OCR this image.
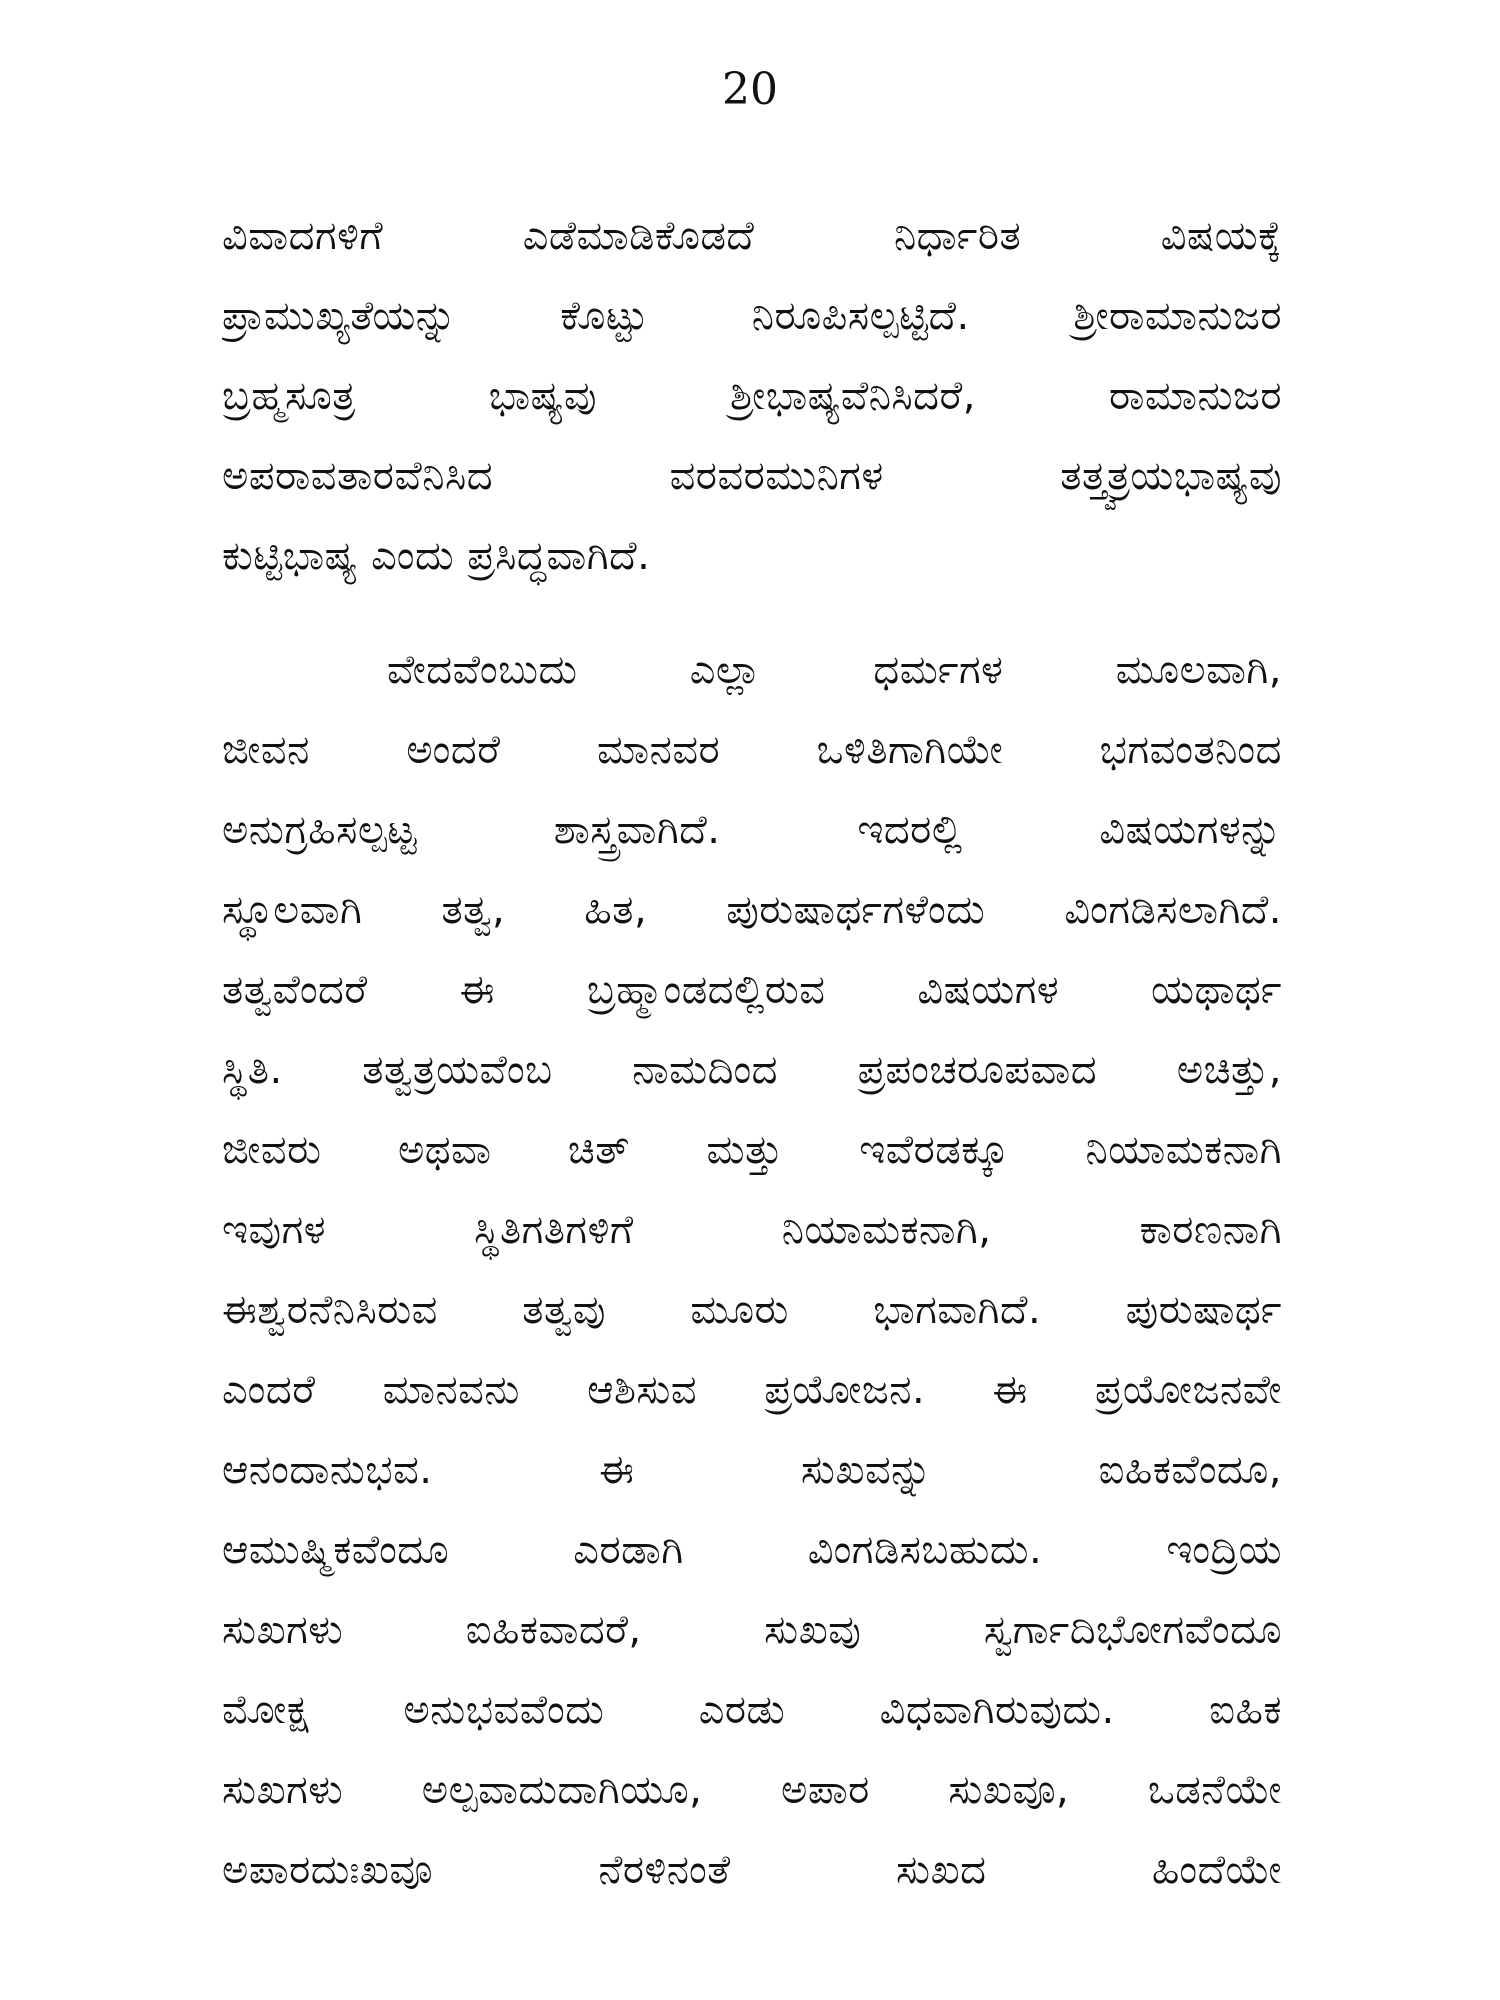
20
ವಿವಾದಗಳಿಗೆ ಎಡೆಮಾಡಿಕೊಡದೆ ನಿರ್ಧಾರಿತ ವಿಷಯಕ್ಕೆ
ಪ್ರಾಮುಖ್ಯತೆಯನ್ನು ಕೊಟ್ಟು ನಿರೂಪಿಸಲ್ಪಟ್ಟಿದೆ. ಶ್ರೀರಾಮಾನುಜರ
ಬ್ರಹ್ಮಸೂತ್ರ ಭಾಷ್ಯವು ಶ್ರೀಭಾಷ್ಯವೆನಿಸಿದರೆ, ರಾಮಾನುಜರ
ಅಪರಾವತಾರವೆನಿಸಿದ ವರವರಮುನಿಗಳ ತತ್ತ್ವತ್ರಯಭಾಷ್ಯವು
ಕುಟ್ಟಿಭಾಷ್ಯ ಎಂದು ಪ್ರಸಿದ್ಧವಾಗಿದೆ.
ವೇದವೆಂಬುದು ಎಲ್ಲಾ ಧರ್ಮಗಳ ಮೂಲವಾಗಿ,
ಜೀವನ ಅಂದರೆ ಮಾನವರ ಒಳಿತಿಗಾಗಿಯೇ ಭಗವಂತನಿಂದ
ಅನುಗ್ರಹಿಸಲ್ಪಟ್ಟ ಶಾಸ್ತ್ರವಾಗಿದೆ. ಇದರಲ್ಲಿ ವಿಷಯಗಳನ್ನು
ಸ್ಥೂಲವಾಗಿ ತತ್ವ, ಹಿತ, ಪುರುಷಾರ್ಥಗಳೆಂದು ವಿಂಗಡಿಸಲಾಗಿದೆ.
ತತ್ವವೆಂದರೆ ಈ ಬ್ರಹ್ಮಾಂಡದಲ್ಲಿರುವ ವಿಷಯಗಳ ಯಥಾರ್ಥ
ಸ್ಥಿತಿ. ತತ್ವತ್ರಯವೆಂಬ ನಾಮದಿಂದ ಪ್ರಪಂಚರೂಪವಾದ ಅಚಿತ್ತು,
ಜೀವರು ಅಥವಾ ಚಿತ್ ಮತ್ತು ಇವೆರಡಕ್ಕೂ ನಿಯಾಮಕನಾಗಿ
ಇವುಗಳ ಸ್ಥಿತಿಗತಿಗಳಿಗೆ ನಿಯಾಮಕನಾಗಿ, ಕಾರಣನಾಗಿ
ಈಶ್ವರನೆನಿಸಿರುವ ತತ್ವವು ಮೂರು ಭಾಗವಾಗಿದೆ. ಪುರುಷಾರ್ಥ
ಎಂದರೆ ಮಾನವನು ಆಶಿಸುವ ಪ್ರಯೋಜನ. ಈ ಪ್ರಯೋಜನವೇ
ಆನಂದಾನುಭವ. ಈ ಸುಖವನ್ನು ಐಹಿಕವೆಂದೂ,
ಆಮುಷ್ಮಿಕವೆಂದೂ ಎರಡಾಗಿ ವಿಂಗಡಿಸಬಹುದು. ಇಂದ್ರಿಯ
ಸುಖಗಳು ಐಹಿಕವಾದರೆ, ಸುಖವು ಸ್ವರ್ಗಾದಿಭೋಗವೆಂದೂ
ಮೋಕ್ಷ ಅನುಭವವೆಂದು ಎರಡು ವಿಧವಾಗಿರುವುದು. ಐಹಿಕ
ಸುಖಗಳು ಅಲ್ಪವಾದುದಾಗಿಯೂ, ಅಪಾರ ಸುಖವೂ, ಒಡನೆಯೇ
ಅಪಾರದುಃಖವೂ ನೆರಳಿನಂತೆ ಸುಖದ ಹಿಂದೆಯೇ
